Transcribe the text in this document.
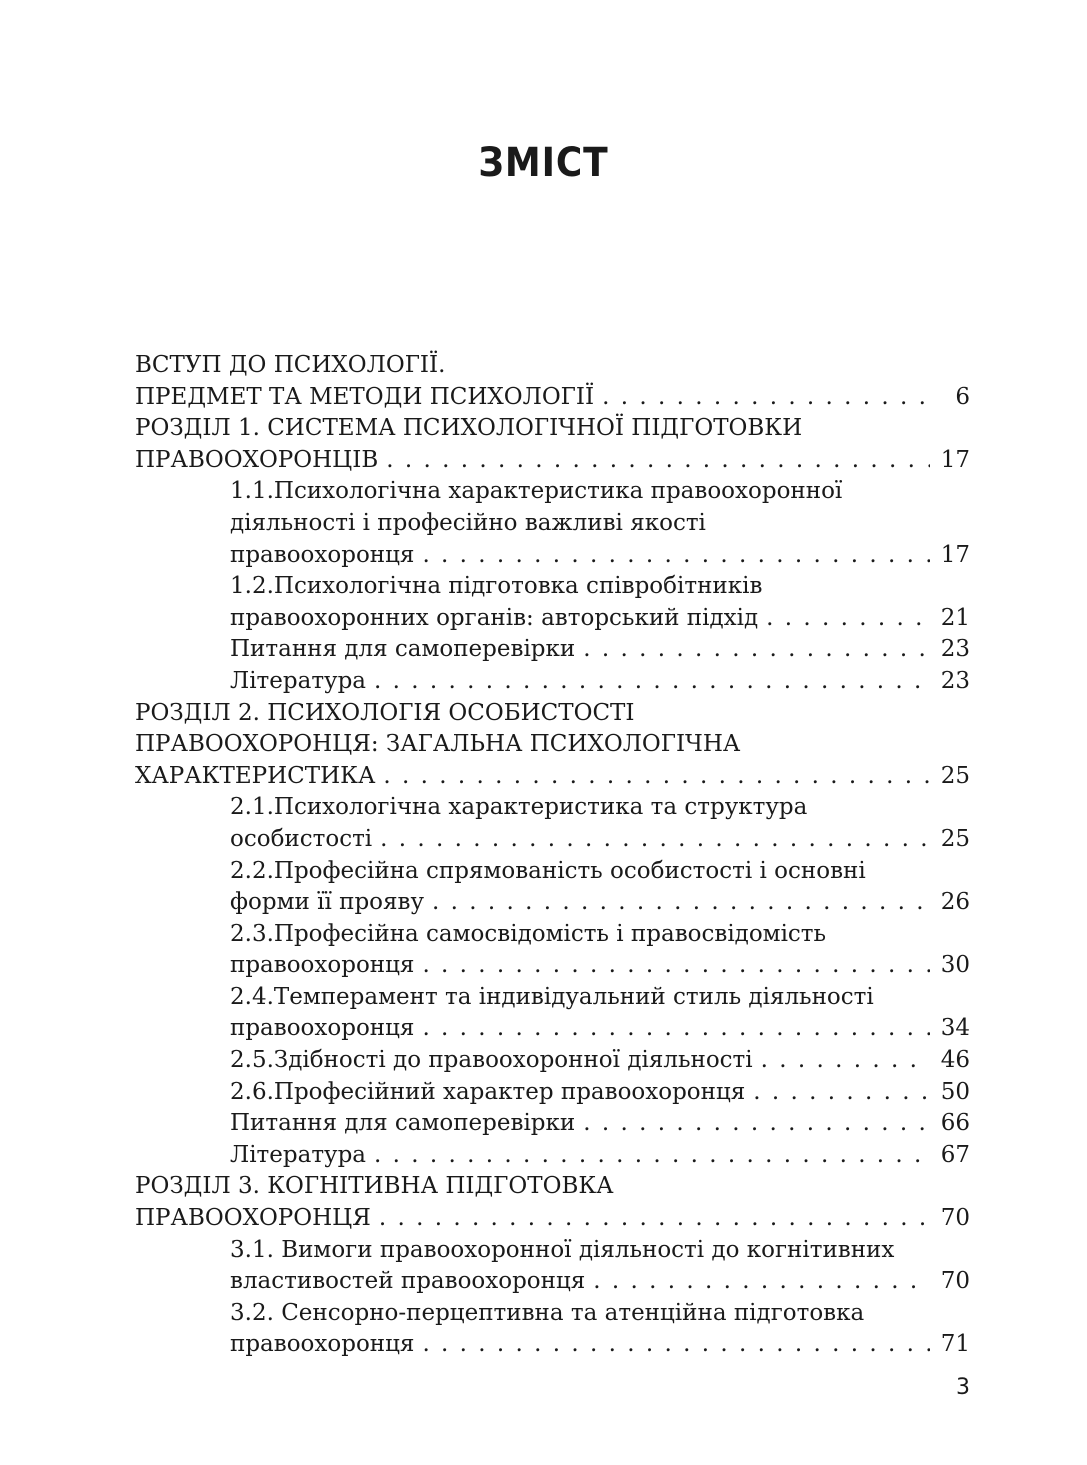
ЗМІСТ
ВСТУП ДО ПСИХОЛОГІЇ.
ПРЕДМЕТ ТА МЕТОДИ ПСИХОЛОГІЇ . . .	6
РОЗДІЛ 1. СИСТЕМА ПСИХОЛОГІЧНОЇ ПІДГОТОВКИ
ПРАВООХОРОНЦІВ . . .	17
1.1.Психологічна характеристика правоохоронної
діяльності і професійно важливі якості
правоохоронця . . .	17
1.2.Психологічна підготовка співробітників
правоохоронних органів: авторський підхід . . .	21
Питання для самоперевірки . . .	23
Література . . .	23
РОЗДІЛ 2. ПСИХОЛОГІЯ ОСОБИСТОСТІ
ПРАВООХОРОНЦЯ: ЗАГАЛЬНА ПСИХОЛОГІЧНА
ХАРАКТЕРИСТИКА . . .	25
2.1.Психологічна характеристика та структура
особистості . . .	25
2.2.Професійна спрямованість особистості і основні
форми її прояву . . .	26
2.3.Професійна самосвідомість і правосвідомість
правоохоронця . . .	30
2.4.Темперамент та індивідуальний стиль діяльності
правоохоронця . . .	34
2.5.Здібності до правоохоронної діяльності . . .	46
2.6.Професійний характер правоохоронця . . .	50
Питання для самоперевірки . . .	66
Література . . .	67
РОЗДІЛ 3. КОГНІТИВНА ПІДГОТОВКА
ПРАВООХОРОНЦЯ . . .	70
3.1. Вимоги правоохоронної діяльності до когнітивних
властивостей правоохоронця . . .	70
3.2. Сенсорно-перцептивна та атенційна підготовка
правоохоронця . . .	71
3
